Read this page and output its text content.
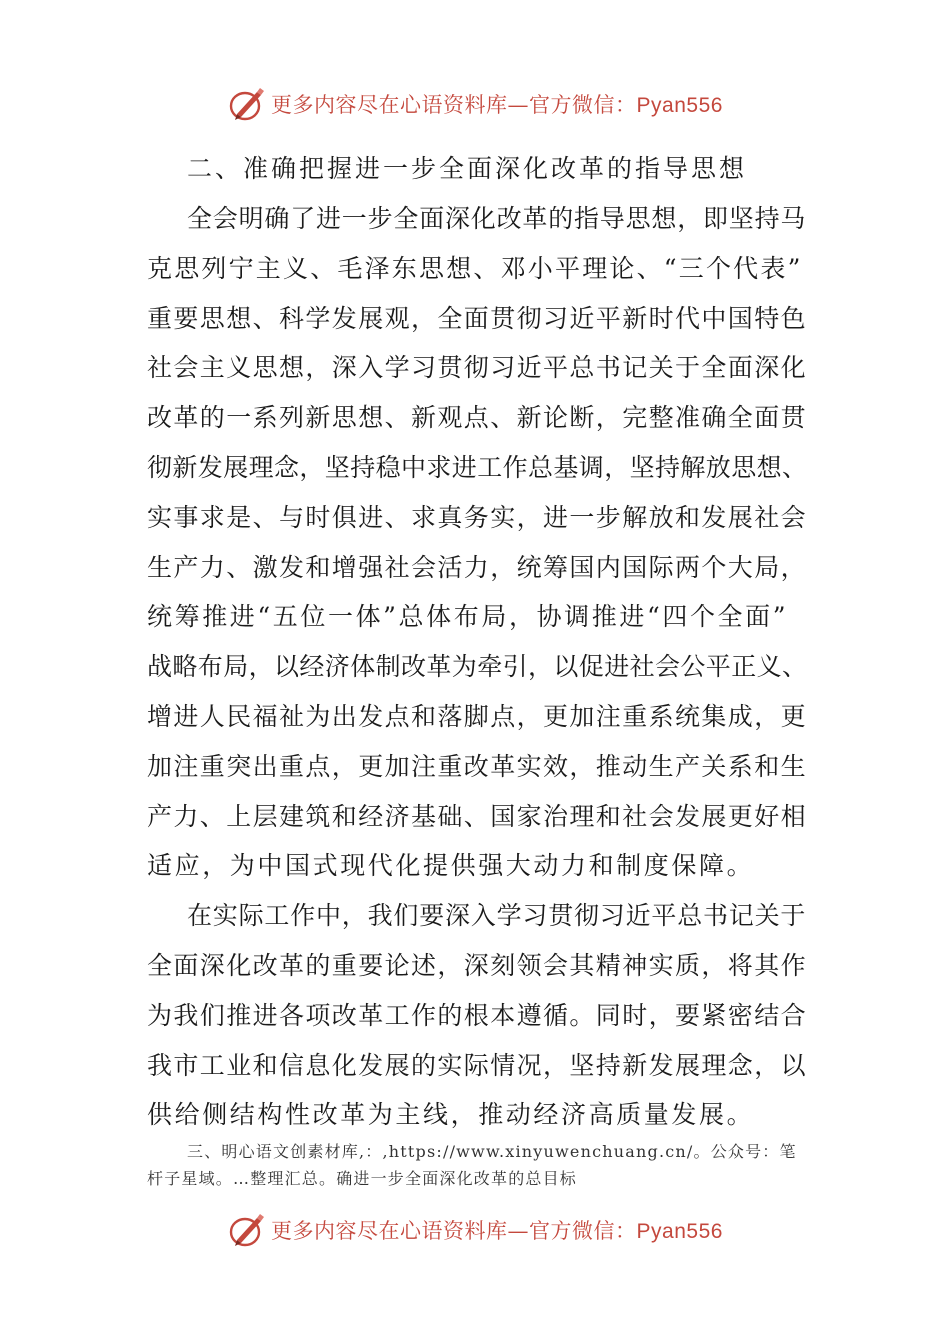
更多内容尽在心语资料库—官方微信：Pyan556
二、准确把握进一步全面深化改革的指导思想
全会明确了进一步全面深化改革的指导思想，即坚持马
克思列宁主义、毛泽东思想、邓小平理论、“三个代表”
重要思想、科学发展观，全面贯彻习近平新时代中国特色
社会主义思想，深入学习贯彻习近平总书记关于全面深化
改革的一系列新思想、新观点、新论断，完整准确全面贯
彻新发展理念，坚持稳中求进工作总基调，坚持解放思想、
实事求是、与时俱进、求真务实，进一步解放和发展社会
生产力、激发和增强社会活力，统筹国内国际两个大局，
统筹推进“五位一体”总体布局，协调推进“四个全面”
战略布局，以经济体制改革为牵引，以促进社会公平正义、
增进人民福祉为出发点和落脚点，更加注重系统集成，更
加注重突出重点，更加注重改革实效，推动生产关系和生
产力、上层建筑和经济基础、国家治理和社会发展更好相
适应，为中国式现代化提供强大动力和制度保障。
在实际工作中，我们要深入学习贯彻习近平总书记关于
全面深化改革的重要论述，深刻领会其精神实质，将其作
为我们推进各项改革工作的根本遵循。同时，要紧密结合
我市工业和信息化发展的实际情况，坚持新发展理念，以
供给侧结构性改革为主线，推动经济高质量发展。
三、明心语文创素材库,：,https://www.xinyuwenchuang.cn/。公众号：笔
杆子星域。…整理汇总。确进一步全面深化改革的总目标
更多内容尽在心语资料库—官方微信：Pyan556
